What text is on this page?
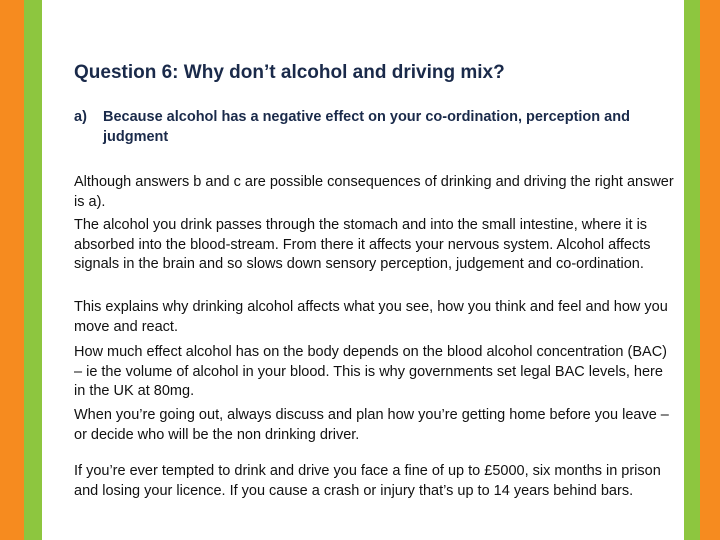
Question 6: Why don’t alcohol and driving mix?
a)	Because alcohol has a negative effect on your co-ordination, perception and judgment

Although answers b and c are possible consequences of drinking and driving the right answer is a).

The alcohol you drink passes through the stomach and into the small intestine, where it is absorbed into the blood-stream. From there it affects your nervous system. Alcohol affects signals in the brain and so slows down sensory perception, judgement and co-ordination.

This explains why drinking alcohol affects what you see, how you think and feel and how you move and react.

How much effect alcohol has on the body depends on the blood alcohol concentration (BAC) – ie the volume of alcohol in your blood. This is why governments set legal BAC levels, here in the UK at 80mg.

When you’re going out, always discuss and plan how you’re getting home before you leave – or decide who will be the non drinking driver.

If you’re ever tempted to drink and drive you face a fine of up to £5000, six months in prison and losing your licence. If you cause a crash or injury that’s up to 14 years behind bars.
